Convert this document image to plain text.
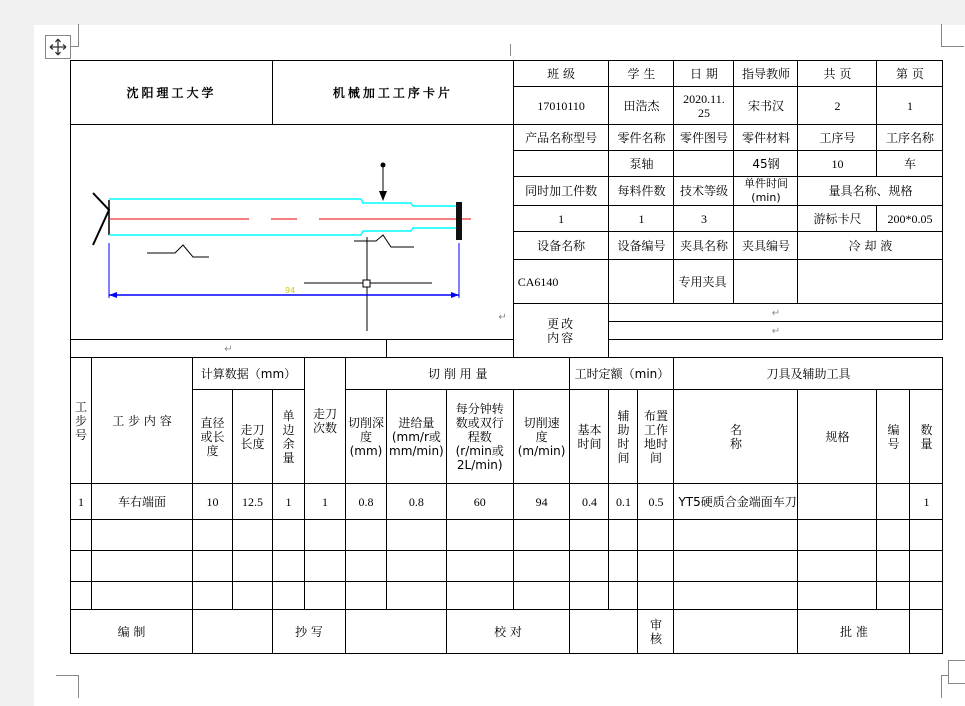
沈阳理工大学				机械加工工序卡片					班 级		学 生		日 期	指导教师	共 页	第 页	
									17010110		田浩杰		2020.11.25	宋书汉	2	1	

94
↵									产品名称型号		零件名称		零件图号	零件材料	工序号	工序名称	
											泵轴			45钢	10	车	
									同时加工件数		每料件数		技术等级	单件时间(min)	量具名称、规格		
									1		1		3		游标卡尺	200*0.05	
									设备名称		设备编号		夹具名称	夹具编号	冷 却 液		
									CA6140				专用夹具				

									更改内容		↵						
											↵						
↵																	
工步号	工 步 内 容	计算数据（mm）			走刀次数	切 削 用 量				工时定额（min）			刀具及辅助工具				
		直径或长度	走刀长度	单边余量		切削深度(mm)	进给量(mm/r或mm/min)	每分钟转数或双行程数(r/min或2L/min)	切削速度(m/min)	基本时间	辅助时间	布置工作地时间	名称		规格	编号	数量
1	车右端面	10	12.5	1	1	0.8	0.8	60	94	0.4	0.1	0.5	YT5硬质合金端面车刀				1

编 制				抄 写				校 对				审核			批 准		
